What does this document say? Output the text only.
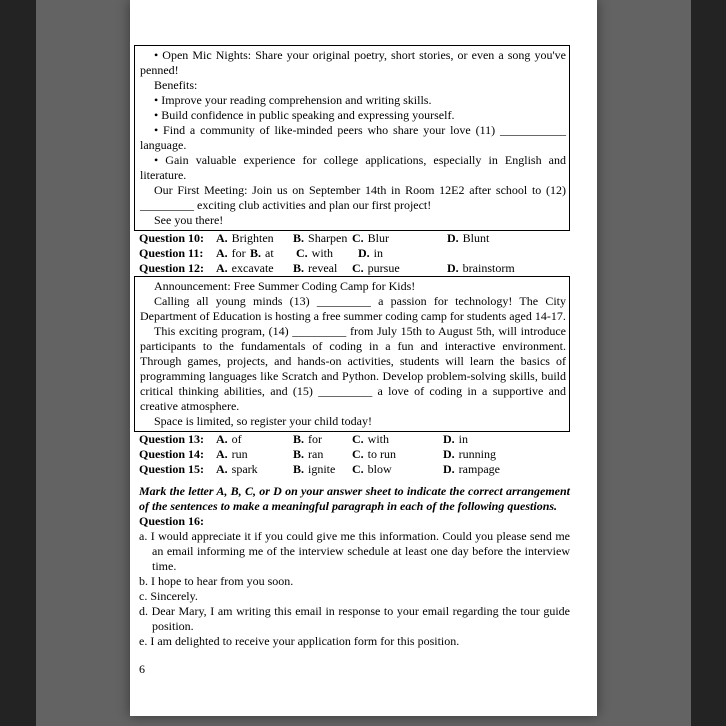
• Open Mic Nights: Share your original poetry, short stories, or even a song you've penned!

Benefits:

• Improve your reading comprehension and writing skills.

• Build confidence in public speaking and expressing yourself.

• Find a community of like-minded peers who share your love (11) ___________ language.

• Gain valuable experience for college applications, especially in English and literature.

Our First Meeting: Join us on September 14th in Room 12E2 after school to (12) _________ exciting club activities and plan our first project!

See you there!

Question 10: A. Brighten	B. Sharpen C. Blur	D. Blunt
Question 11:	A. for B. at	C. with	D. in
Question 12: A. excavate	B. reveal	C. pursue	D. brainstorm

Announcement: Free Summer Coding Camp for Kids!

Calling all young minds (13) _________ a passion for technology! The City Department of Education is hosting a free summer coding camp for students aged 14-17.

This exciting program, (14) _________ from July 15th to August 5th, will introduce participants to the fundamentals of coding in a fun and interactive environment. Through games, projects, and hands-on activities, students will learn the basics of programming languages like Scratch and Python. Develop problem-solving skills, build critical thinking abilities, and (15) _________ a love of coding in a supportive and creative atmosphere.

Space is limited, so register your child today!

Question 13: A. of	B. for	C. with	D. in
Question 14: A. run	B. ran	C. to run	D. running
Question 15: A. spark	B. ignite	C. blow	D. rampage

Mark the letter A, B, C, or D on your answer sheet to indicate the correct arrangement of the sentences to make a meaningful paragraph in each of the following questions.

Question 16:

a. I would appreciate it if you could give me this information. Could you please send me an email informing me of the interview schedule at least one day before the interview time.

b. I hope to hear from you soon.

c. Sincerely.

d. Dear Mary, I am writing this email in response to your email regarding the tour guide position.

e. I am delighted to receive your application form for this position.

6
